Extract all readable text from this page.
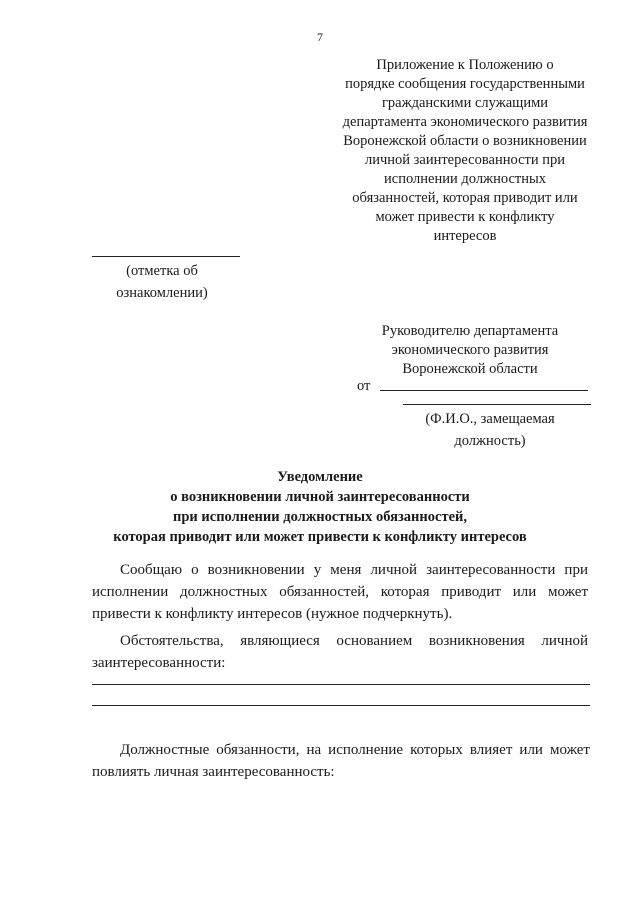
7
Приложение к Положению о
порядке сообщения государственными
гражданскими служащими
департамента экономического развития
Воронежской области о возникновении
личной заинтересованности при
исполнении должностных
обязанностей, которая приводит или
может привести к конфликту
интересов
(отметка об
ознакомлении)
Руководителю департамента
экономического развития
Воронежской области
от
(Ф.И.О., замещаемая
должность)
Уведомление
о возникновении личной заинтересованности
при исполнении должностных обязанностей,
которая приводит или может привести к конфликту интересов
Сообщаю о возникновении у меня личной заинтересованности при исполнении должностных обязанностей, которая приводит или может привести к конфликту интересов (нужное подчеркнуть).
Обстоятельства, являющиеся основанием возникновения личной
заинтересованности:
Должностные обязанности, на исполнение которых влияет или может
повлиять личная заинтересованность:
